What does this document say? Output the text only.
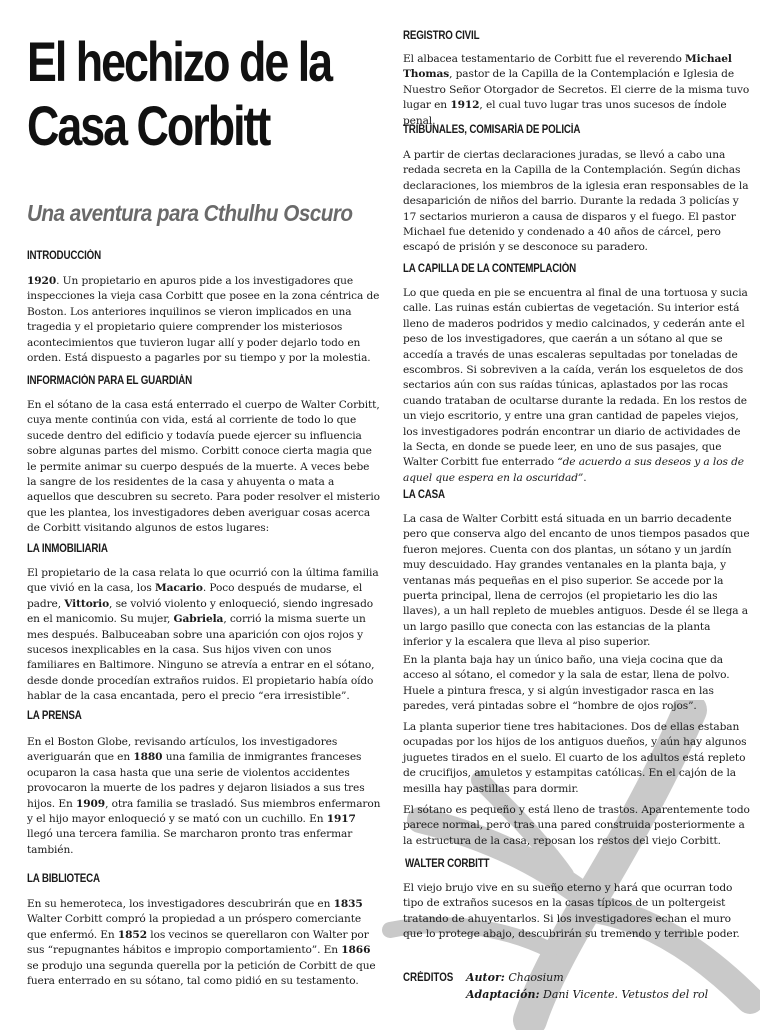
El hechizo de la
Casa Corbitt

Una aventura para Cthulhu Oscuro

INTRODUCCIÓN

1920. Un propietario en apuros pide a los investigadores que inspecciones la vieja casa Corbitt que posee en la zona céntrica de Boston. Los anteriores inquilinos se vieron implicados en una tragedia y el propietario quiere comprender los misteriosos acontecimientos que tuvieron lugar allí y poder dejarlo todo en orden. Está dispuesto a pagarles por su tiempo y por la molestia.

INFORMACIÓN PARA EL GUARDIÁN

En el sótano de la casa está enterrado el cuerpo de Walter Corbitt, cuya mente continúa con vida, está al corriente de todo lo que sucede dentro del edificio y todavía puede ejercer su influencia sobre algunas partes del mismo. Corbitt conoce cierta magia que le permite animar su cuerpo después de la muerte. A veces bebe la sangre de los residentes de la casa y ahuyenta o mata a aquellos que descubren su secreto. Para poder resolver el misterio que les plantea, los investigadores deben averiguar cosas acerca de Corbitt visitando algunos de estos lugares:

LA INMOBILIARIA

El propietario de la casa relata lo que ocurrió con la última familia que vivió en la casa, los Macario. Poco después de mudarse, el padre, Vittorio, se volvió violento y enloqueció, siendo ingresado en el manicomio. Su mujer, Gabriela, corrió la misma suerte un mes después. Balbuceaban sobre una aparición con ojos rojos y sucesos inexplicables en la casa. Sus hijos viven con unos familiares en Baltimore. Ninguno se atrevía a entrar en el sótano, desde donde procedían extraños ruidos. El propietario había oído hablar de la casa encantada, pero el precio “era irresistible”.

LA PRENSA

En el Boston Globe, revisando artículos, los investigadores averiguarán que en 1880 una familia de inmigrantes franceses ocuparon la casa hasta que una serie de violentos accidentes provocaron la muerte de los padres y dejaron lisiados a sus tres hijos. En 1909, otra familia se trasladó. Sus miembros enfermaron y el hijo mayor enloqueció y se mató con un cuchillo. En 1917 llegó una tercera familia. Se marcharon pronto tras enfermar también.

LA BIBLIOTECA

En su hemeroteca, los investigadores descubrirán que en 1835 Walter Corbitt compró la propiedad a un próspero comerciante que enfermó. En 1852 los vecinos se querellaron con Walter por sus “repugnantes hábitos e impropio comportamiento”. En 1866 se produjo una segunda querella por la petición de Corbitt de que fuera enterrado en su sótano, tal como pidió en su testamento.

REGISTRO CIVIL

El albacea testamentario de Corbitt fue el reverendo Michael Thomas, pastor de la Capilla de la Contemplación e Iglesia de Nuestro Señor Otorgador de Secretos. El cierre de la misma tuvo lugar en 1912, el cual tuvo lugar tras unos sucesos de índole penal.

TRIBUNALES, COMISARÍA DE POLICÍA

A partir de ciertas declaraciones juradas, se llevó a cabo una redada secreta en la Capilla de la Contemplación. Según dichas declaraciones, los miembros de la iglesia eran responsables de la desaparición de niños del barrio. Durante la redada 3 policías y 17 sectarios murieron a causa de disparos y el fuego. El pastor Michael fue detenido y condenado a 40 años de cárcel, pero escapó de prisión y se desconoce su paradero.

LA CAPILLA DE LA CONTEMPLACIÓN

Lo que queda en pie se encuentra al final de una tortuosa y sucia calle. Las ruinas están cubiertas de vegetación. Su interior está lleno de maderos podridos y medio calcinados, y cederán ante el peso de los investigadores, que caerán a un sótano al que se accedía a través de unas escaleras sepultadas por toneladas de escombros. Si sobreviven a la caída, verán los esqueletos de dos sectarios aún con sus raídas túnicas, aplastados por las rocas cuando trataban de ocultarse durante la redada. En los restos de un viejo escritorio, y entre una gran cantidad de papeles viejos, los investigadores podrán encontrar un diario de actividades de la Secta, en donde se puede leer, en uno de sus pasajes, que Walter Corbitt fue enterrado “de acuerdo a sus deseos y a los de aquel que espera en la oscuridad”.

LA CASA

La casa de Walter Corbitt está situada en un barrio decadente pero que conserva algo del encanto de unos tiempos pasados que fueron mejores. Cuenta con dos plantas, un sótano y un jardín muy descuidado. Hay grandes ventanales en la planta baja, y ventanas más pequeñas en el piso superior. Se accede por la puerta principal, llena de cerrojos (el propietario les dio las llaves), a un hall repleto de muebles antiguos. Desde él se llega a un largo pasillo que conecta con las estancias de la planta inferior y la escalera que lleva al piso superior.

En la planta baja hay un único baño, una vieja cocina que da acceso al sótano, el comedor y la sala de estar, llena de polvo. Huele a pintura fresca, y si algún investigador rasca en las paredes, verá pintadas sobre el “hombre de ojos rojos”.

La planta superior tiene tres habitaciones. Dos de ellas estaban ocupadas por los hijos de los antiguos dueños, y aún hay algunos juguetes tirados en el suelo. El cuarto de los adultos está repleto de crucifijos, amuletos y estampitas católicas. En el cajón de la mesilla hay pastillas para dormir.

El sótano es pequeño y está lleno de trastos. Aparentemente todo parece normal, pero tras una pared construida posteriormente a la estructura de la casa, reposan los restos del viejo Corbitt.

WALTER CORBITT

El viejo brujo vive en su sueño eterno y hará que ocurran todo tipo de extraños sucesos en la casas típicos de un poltergeist tratando de ahuyentarlos. Si los investigadores echan el muro que lo protege abajo, descubrirán su tremendo y terrible poder.

CRÉDITOS Autor: Chaosium
Adaptación: Dani Vicente. Vetustos del rol
